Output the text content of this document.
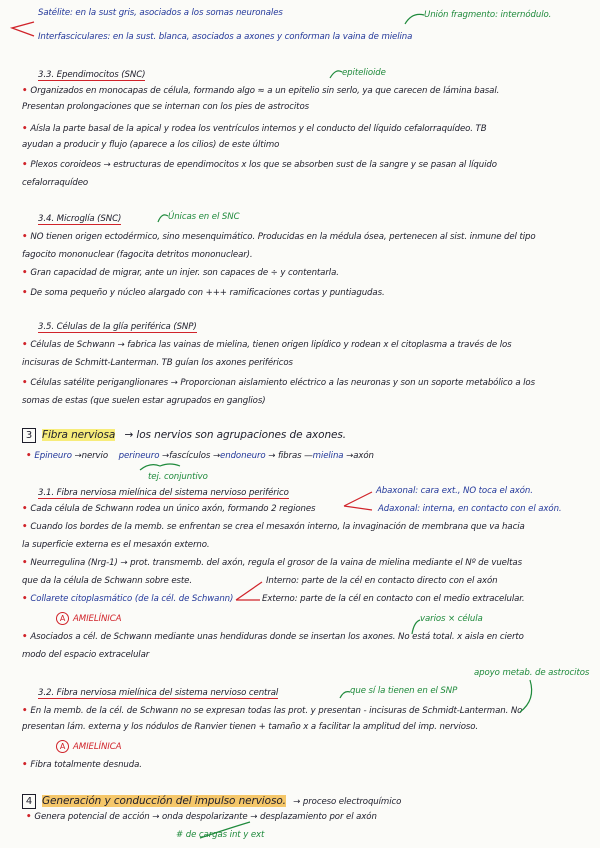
Satélite: en la sust gris, asociados a los somas neuronales
Interfasciculares: en la sust. blanca, asociados a axones y conforman la vaina de mielina
Unión fragmento: internódulo.
3.3. Ependimocitos (SNC)	epitelioide
• Organizados en monocapas de célula, formando algo ≈ a un epitelio sin serlo, ya que carecen de lámina basal.
Presentan prolongaciones que se internan con los pies de astrocitos
• Aísla la parte basal de la apical y rodea los ventrículos internos y el conducto del líquido cefalorraquídeo. TB
ayudan a producir y flujo (aparece a los cilios) de este último
• Plexos coroideos → estructuras de ependimocitos x los que se absorben sust de la sangre y se pasan al líquido
cefalorraquídeo
3.4. Microglía (SNC)	Únicas en el SNC
• NO tienen origen ectodérmico, sino mesenquimático. Producidas en la médula ósea, pertenecen al sist. inmune del tipo
fagocito mononuclear (fagocita detritos mononuclear).
• Gran capacidad de migrar, ante un injer. son capaces de ÷ y contentarla.
• De soma pequeño y núcleo alargado con +++ ramificaciones cortas y puntiagudas.
3.5. Células de la glía periférica (SNP)
• Células de Schwann → fabrica las vainas de mielina, tienen origen lipídico y rodean x el citoplasma a través de los
incisuras de Schmitt-Lanterman. TB guían los axones periféricos
• Células satélite periganglionares → Proporcionan aislamiento eléctrico a las neuronas y son un soporte metabólico a los
somas de estas (que suelen estar agrupados en ganglios)
3 Fibra nerviosa → los nervios son agrupaciones de axones.
• Epineuro →nervio perineuro →fascículos →endoneuro → fibras —mielina →axón
tej. conjuntivo
3.1. Fibra nerviosa mielínica del sistema nervioso periférico	Abaxonal: cara ext., NO toca el axón.
• Cada célula de Schwann rodea un único axón, formando 2 regiones	Adaxonal: interna, en contacto con el axón.
• Cuando los bordes de la memb. se enfrentan se crea el mesaxón interno, la invaginación de membrana que va hacia
la superficie externa es el mesaxón externo.
• Neurregulina (Nrg-1) → prot. transmemb. del axón, regula el grosor de la vaina de mielina mediante el Nº de vueltas
que da la célula de Schwann sobre este.	Interno: parte de la cél en contacto directo con el axón
• Collarete citoplasmático (de la cél. de Schwann)	Externo: parte de la cél en contacto con el medio extracelular.
A AMIELÍNICA	varios × célula
• Asociados a cél. de Schwann mediante unas hendiduras donde se insertan los axones. No está total. x aisla en cierto
modo del espacio extracelular
apoyo metab. de astrocitos
3.2. Fibra nerviosa mielínica del sistema nervioso central	que sí la tienen en el SNP
• En la memb. de la cél. de Schwann no se expresan todas las prot. y presentan - incisuras de Schmidt-Lanterman. No
presentan lám. externa y los nódulos de Ranvier tienen + tamaño x a facilitar la amplitud del imp. nervioso.
A AMIELÍNICA
• Fibra totalmente desnuda.
4 Generación y conducción del impulso nervioso. → proceso electroquímico
• Genera potencial de acción → onda despolarizante → desplazamiento por el axón
# de cargas int y ext
